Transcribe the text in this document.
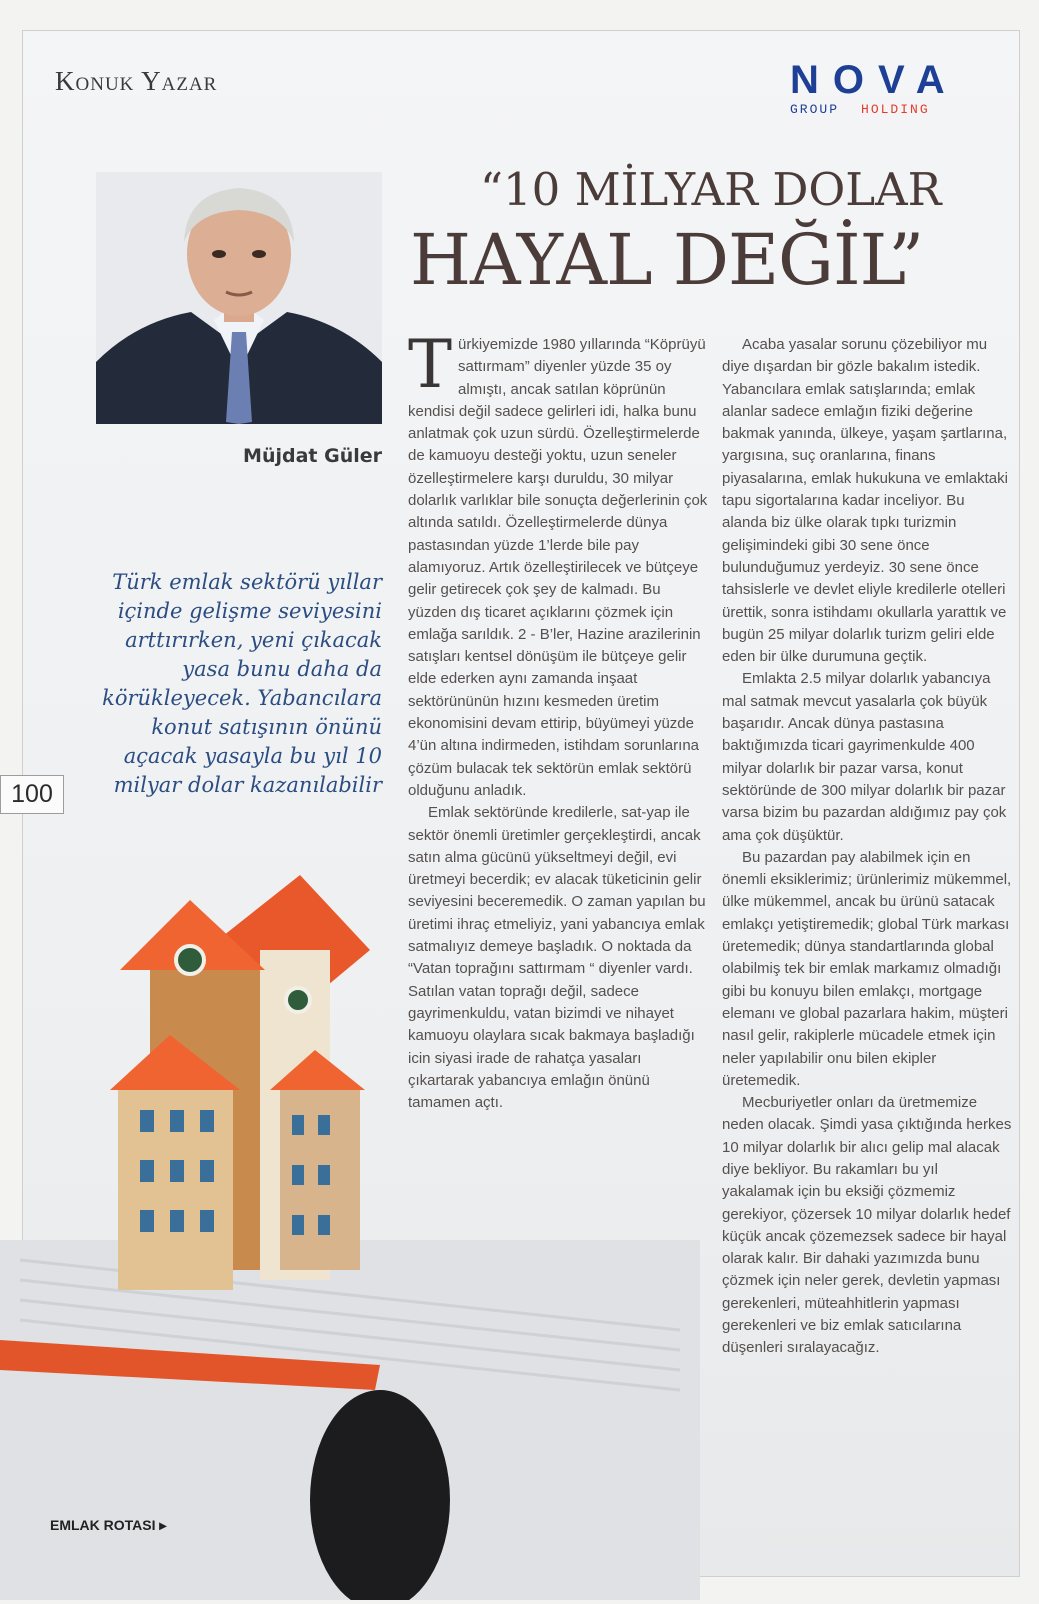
Konuk Yazar	NOVA
GROUP HOLDING
“10 MİLYAR DOLAR
HAYAL DEĞİL”
Müjdat Güler
Türk emlak sektörü yıllar içinde gelişme seviyesini arttırırken, yeni çıkacak yasa bunu daha da körükleyecek. Yabancılara konut satışının önünü açacak yasayla bu yıl 10 milyar dolar kazanılabilir
100

Türkiyemizde 1980 yıllarında “Köprüyü sattırmam” diyenler yüzde 35 oy almıştı, ancak satılan köprünün kendisi değil sadece gelirleri idi, halka bunu anlatmak çok uzun sürdü. Özelleştirmelerde de kamuoyu desteği yoktu, uzun seneler özelleştirmelere karşı duruldu, 30 milyar dolarlık varlıklar bile sonuçta değerlerinin çok altında satıldı. Özelleştirmelerde dünya pastasından yüzde 1’lerde bile pay alamıyoruz. Artık özelleştirilecek ve bütçeye gelir getirecek çok şey de kalmadı. Bu yüzden dış ticaret açıklarını çözmek için emlağa sarıldık. 2 - B’ler, Hazine arazilerinin satışları kentsel dönüşüm ile bütçeye gelir elde ederken aynı zamanda inşaat sektörününün hızını kesmeden üretim ekonomisini devam ettirip, büyümeyi yüzde 4’ün altına indirmeden, istihdam sorunlarına çözüm bulacak tek sektörün emlak sektörü olduğunu anladık.

Emlak sektöründe kredilerle, sat-yap ile sektör önemli üretimler gerçekleştirdi, ancak satın alma gücünü yükseltmeyi değil, evi üretmeyi becerdik; ev alacak tüketicinin gelir seviyesini beceremedik. O zaman yapılan bu üretimi ihraç etmeliyiz, yani yabancıya emlak satmalıyız demeye başladık. O noktada da “Vatan toprağını sattırmam “ diyenler vardı. Satılan vatan toprağı değil, sadece gayrimenkuldu, vatan bizimdi ve nihayet kamuoyu olaylara sıcak bakmaya başladığı icin siyasi irade de rahatça yasaları çıkartarak yabancıya emlağın önünü tamamen açtı.

Acaba yasalar sorunu çözebiliyor mu diye dışardan bir gözle bakalım istedik. Yabancılara emlak satışlarında; emlak alanlar sadece emlağın fiziki değerine bakmak yanında, ülkeye, yaşam şartlarına, yargısına, suç oranlarına, finans piyasalarına, emlak hukukuna ve emlaktaki tapu sigortalarına kadar inceliyor. Bu alanda biz ülke olarak tıpkı turizmin gelişimindeki gibi 30 sene önce bulunduğumuz yerdeyiz. 30 sene önce tahsislerle ve devlet eliyle kredilerle otelleri ürettik, sonra istihdamı okullarla yarattık ve bugün 25 milyar dolarlık turizm geliri elde eden bir ülke durumuna geçtik.

Emlakta 2.5 milyar dolarlık yabancıya mal satmak mevcut yasalarla çok büyük başarıdır. Ancak dünya pastasına baktığımızda ticari gayrimenkulde 400 milyar dolarlık bir pazar varsa, konut sektöründe de 300 milyar dolarlık bir pazar varsa bizim bu pazardan aldığımız pay çok ama çok düşüktür.

Bu pazardan pay alabilmek için en önemli eksiklerimiz; ürünlerimiz mükemmel, ülke mükemmel, ancak bu ürünü satacak emlakçı yetiştiremedik; global Türk markası üretemedik; dünya standartlarında global olabilmiş tek bir emlak markamız olmadığı gibi bu konuyu bilen emlakçı, mortgage elemanı ve global pazarlara hakim, müşteri nasıl gelir, rakiplerle mücadele etmek için neler yapılabilir onu bilen ekipler üretemedik.

Mecburiyetler onları da üretmemize neden olacak. Şimdi yasa çıktığında herkes 10 milyar dolarlık bir alıcı gelip mal alacak diye bekliyor. Bu rakamları bu yıl yakalamak için bu eksiği çözmemiz gerekiyor, çözersek 10 milyar dolarlık hedef küçük ancak çözemezsek sadece bir hayal olarak kalır. Bir dahaki yazımızda bunu çözmek için neler gerek, devletin yapması gerekenleri, müteahhitlerin yapması gerekenleri ve biz emlak satıcılarına düşenleri sıralayacağız.

EMLAK ROTASI ▸
